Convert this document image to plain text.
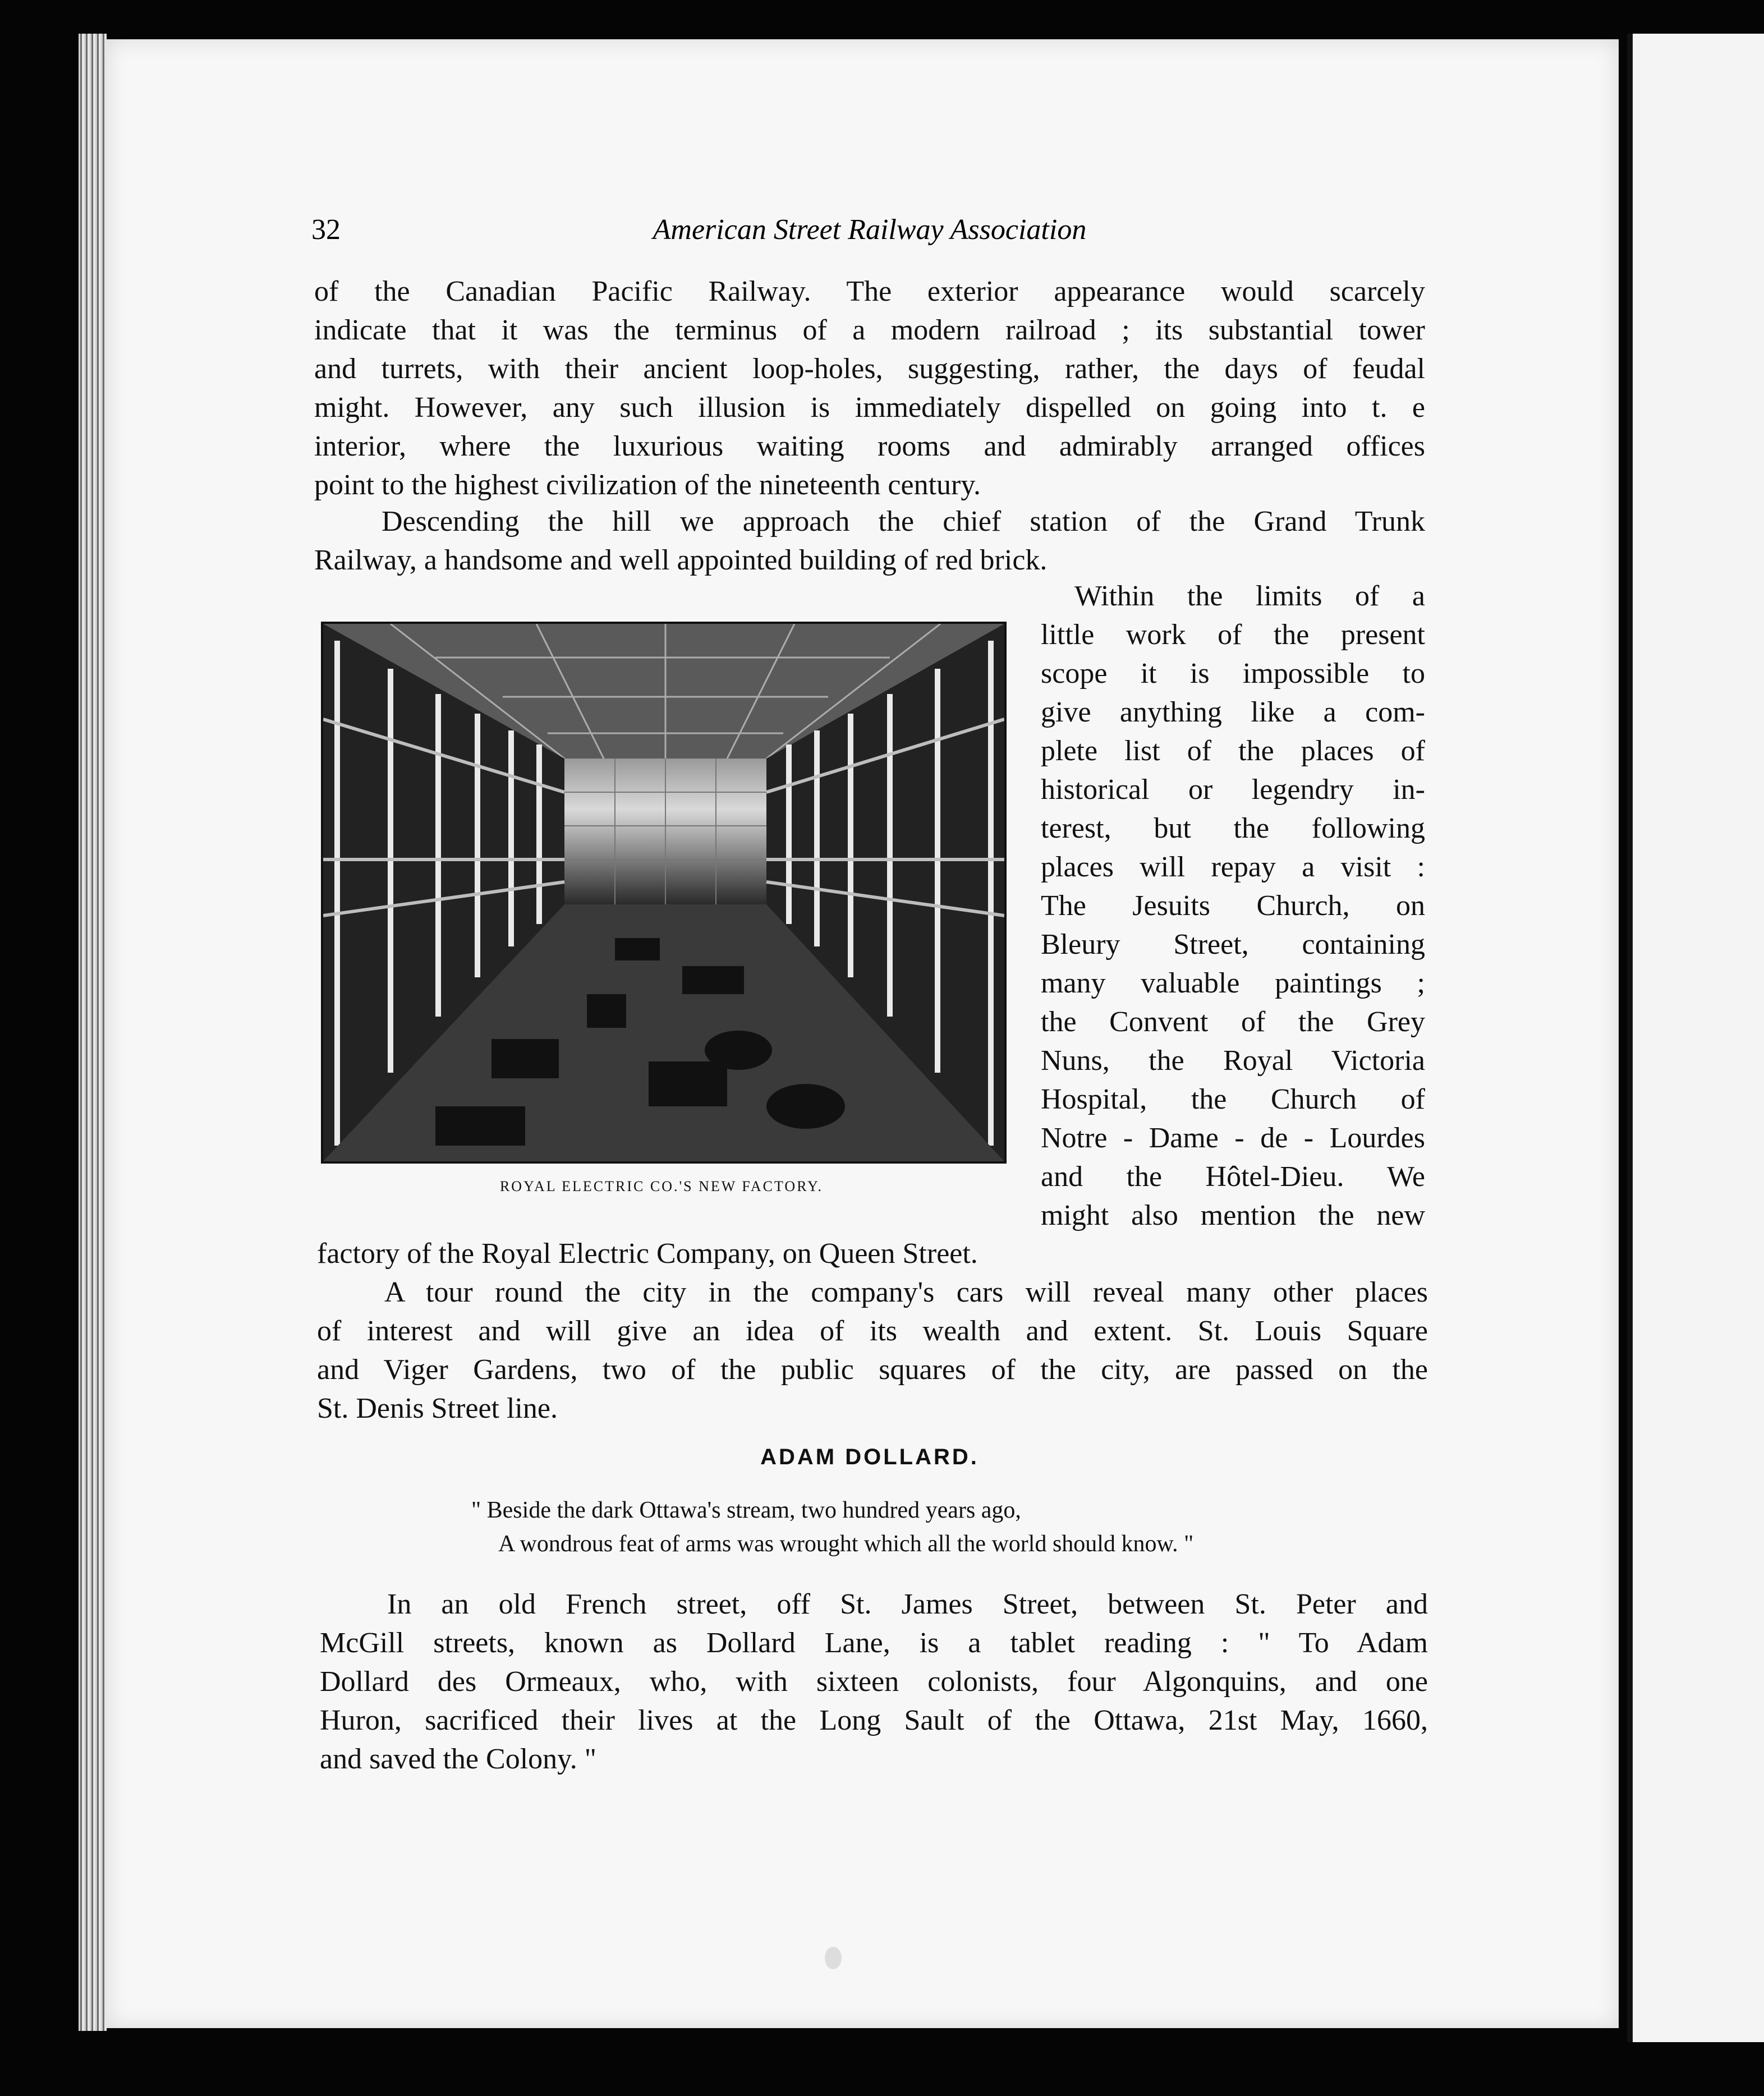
32	American Street Railway Association

of the Canadian Pacific Railway. The exterior appearance would scarcely

indicate that it was the terminus of a modern railroad ; its substantial tower

and turrets, with their ancient loop-holes, suggesting, rather, the days of feudal

might. However, any such illusion is immediately dispelled on going into t. e

interior, where the luxurious waiting rooms and admirably arranged offices

point to the highest civilization of the nineteenth century.

Descending the hill we approach the chief station of the Grand Trunk

Railway, a handsome and well appointed building of red brick.

Within the limits of a

little work of the present

scope it is impossible to

give anything like a com-

plete list of the places of

historical or legendry in-

terest, but the following

places will repay a visit :

The Jesuits Church, on

Bleury Street, containing

many valuable paintings ;

the Convent of the Grey

Nuns, the Royal Victoria

Hospital, the Church of

Notre - Dame - de - Lourdes

and the Hôtel-Dieu. We

might also mention the new

ROYAL ELECTRIC CO.'S NEW FACTORY.
factory of the Royal Electric Company, on Queen Street.

A tour round the city in the company's cars will reveal many other places

of interest and will give an idea of its wealth and extent. St. Louis Square

and Viger Gardens, two of the public squares of the city, are passed on the

St. Denis Street line.

ADAM DOLLARD.
" Beside the dark Ottawa's stream, two hundred years ago,
A wondrous feat of arms was wrought which all the world should know. "

In an old French street, off St. James Street, between St. Peter and

McGill streets, known as Dollard Lane, is a tablet reading : " To Adam

Dollard des Ormeaux, who, with sixteen colonists, four Algonquins, and one

Huron, sacrificed their lives at the Long Sault of the Ottawa, 21st May, 1660,

and saved the Colony. "
